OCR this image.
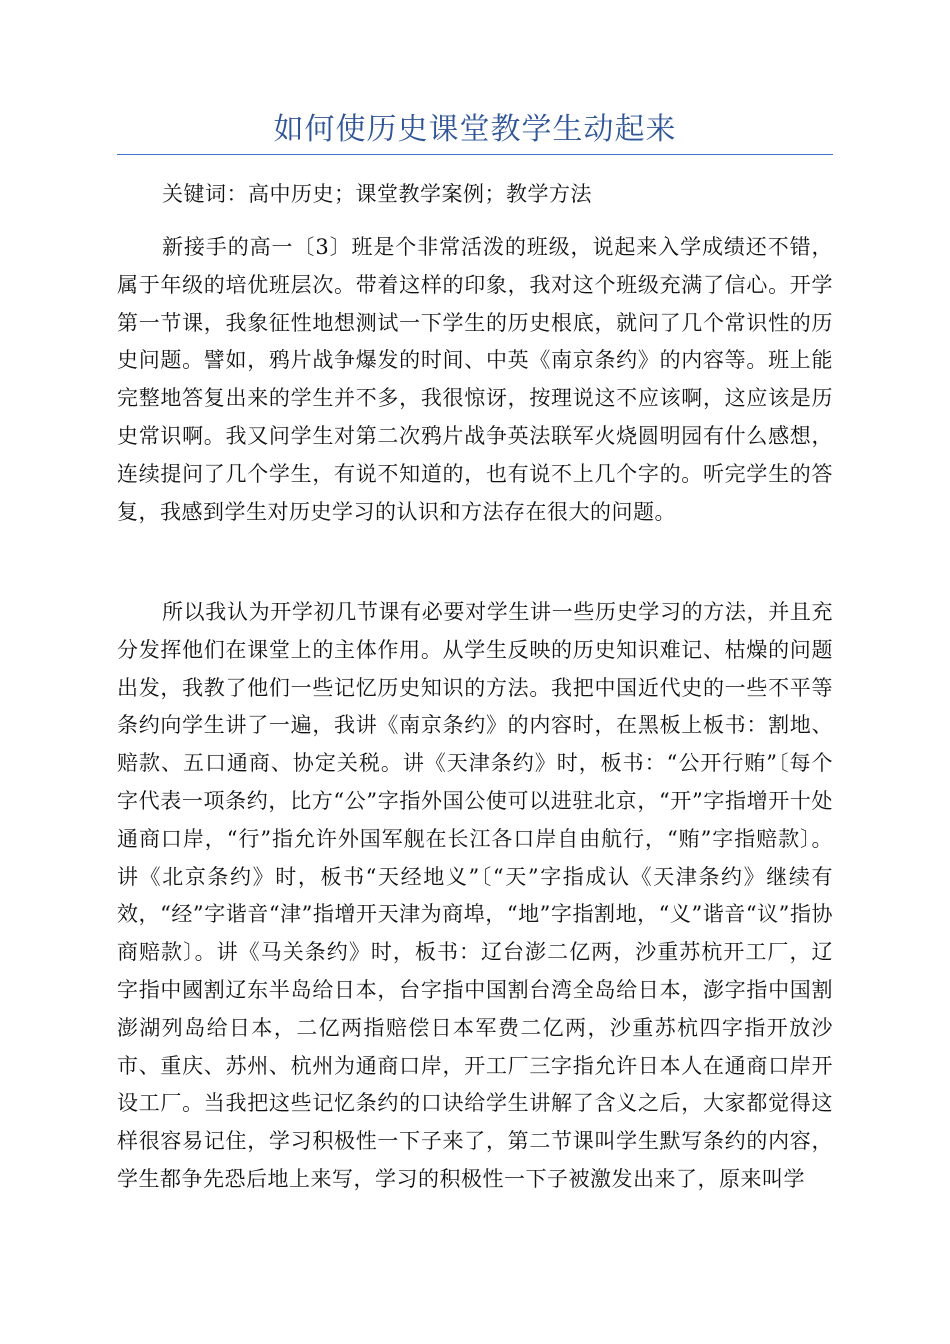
如何使历史课堂教学生动起来
关键词：高中历史；课堂教学案例；教学方法

新接手的高一〔3〕班是个非常活泼的班级，说起来入学成绩还不错，属于年级的培优班层次。带着这样的印象，我对这个班级充满了信心。开学第一节课，我象征性地想测试一下学生的历史根底，就问了几个常识性的历史问题。譬如，鸦片战争爆发的时间、中英《南京条约》的内容等。班上能完整地答复出来的学生并不多，我很惊讶，按理说这不应该啊，这应该是历史常识啊。我又问学生对第二次鸦片战争英法联军火烧圆明园有什么感想，连续提问了几个学生，有说不知道的，也有说不上几个字的。听完学生的答复，我感到学生对历史学习的认识和方法存在很大的问题。

所以我认为开学初几节课有必要对学生讲一些历史学习的方法，并且充分发挥他们在课堂上的主体作用。从学生反映的历史知识难记、枯燥的问题出发，我教了他们一些记忆历史知识的方法。我把中国近代史的一些不平等条约向学生讲了一遍，我讲《南京条约》的内容时，在黑板上板书：割地、赔款、五口通商、协定关税。讲《天津条约》时，板书：“公开行贿”〔每个字代表一项条约，比方“公”字指外国公使可以进驻北京，“开”字指增开十处通商口岸，“行”指允许外国军舰在长江各口岸自由航行，“贿”字指赔款〕。讲《北京条约》时，板书“天经地义”〔“天”字指成认《天津条约》继续有效，“经”字谐音“津”指增开天津为商埠，“地”字指割地，“义”谐音“议”指协商赔款〕。讲《马关条约》时，板书：辽台澎二亿两，沙重苏杭开工厂，辽字指中國割辽东半岛给日本，台字指中国割台湾全岛给日本，澎字指中国割澎湖列岛给日本，二亿两指赔偿日本军费二亿两，沙重苏杭四字指开放沙市、重庆、苏州、杭州为通商口岸，开工厂三字指允许日本人在通商口岸开设工厂。当我把这些记忆条约的口诀给学生讲解了含义之后，大家都觉得这样很容易记住，学习积极性一下子来了，第二节课叫学生默写条约的内容，学生都争先恐后地上来写，学习的积极性一下子被激发出来了，原来叫学
